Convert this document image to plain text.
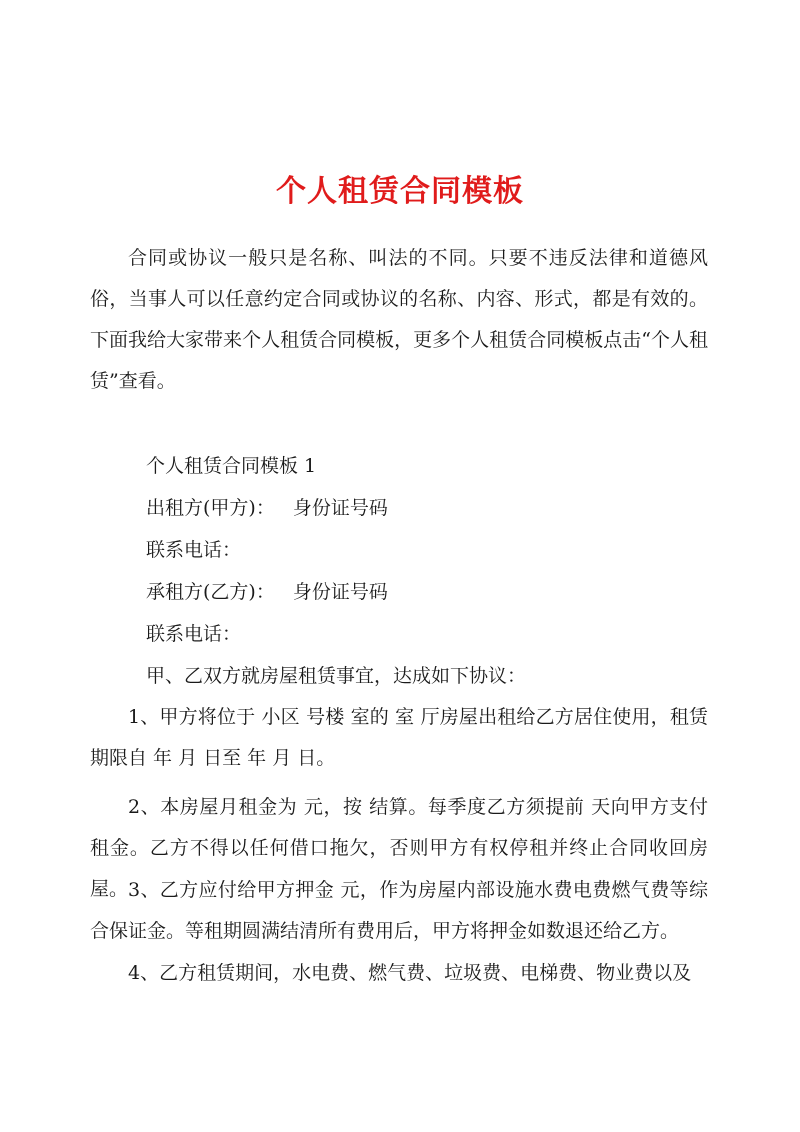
个人租赁合同模板

合同或协议一般只是名称、叫法的不同。只要不违反法律和道德风俗，当事人可以任意约定合同或协议的名称、内容、形式，都是有效的。下面我给大家带来个人租赁合同模板，更多个人租赁合同模板点击“个人租赁”查看。

个人租赁合同模板 1

出租方(甲方)： 身份证号码

联系电话：

承租方(乙方)： 身份证号码

联系电话：

甲、乙双方就房屋租赁事宜，达成如下协议：

1、甲方将位于 小区 号楼 室的 室 厅房屋出租给乙方居住使用，租赁期限自 年 月 日至 年 月 日。

2、本房屋月租金为 元，按 结算。每季度乙方须提前 天向甲方支付租金。乙方不得以任何借口拖欠，否则甲方有权停租并终止合同收回房屋。 3、乙方应付给甲方押金 元，作为房屋内部设施水费电费燃气费等综合保证金。等租期圆满结清所有费用后，甲方将押金如数退还给乙方。

4、乙方租赁期间，水电费、燃气费、垃圾费、电梯费、物业费以及
